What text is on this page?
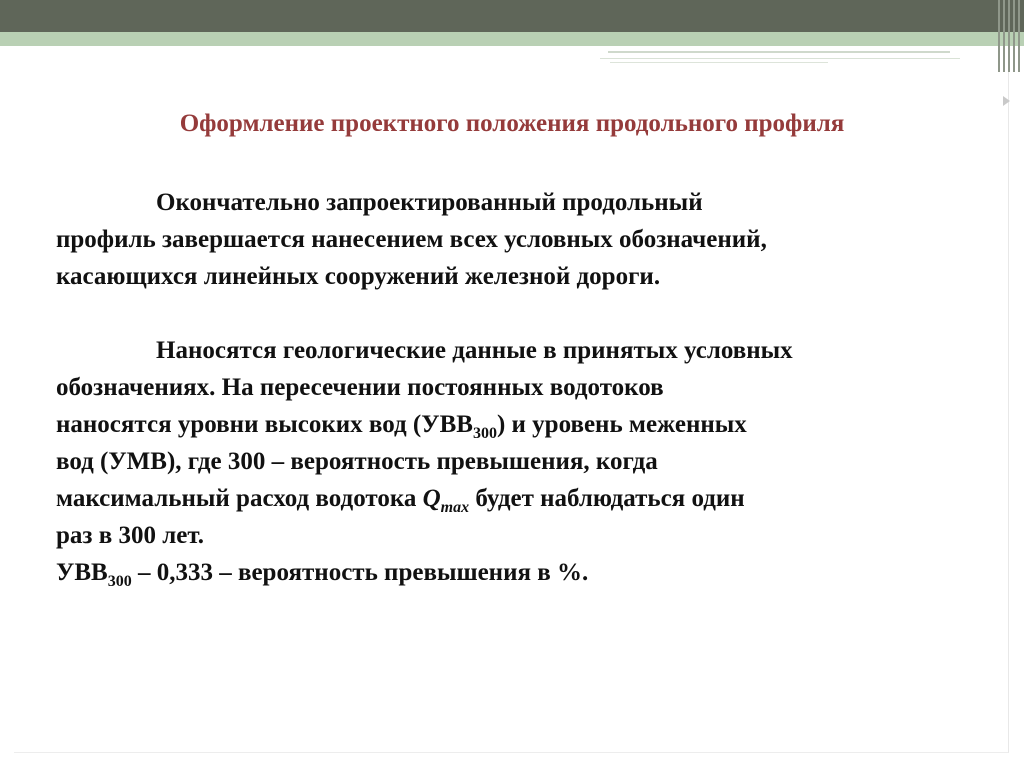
Оформление проектного положения продольного профиля

Окончательно запроектированный продольный
профиль завершается нанесением всех условных обозначений,
касающихся линейных сооружений железной дороги.

Наносятся геологические данные в принятых условных
обозначениях. На пересечении постоянных водотоков
наносятся уровни высоких вод $(УВВ_{300})$ и уровень меженных
вод (УМВ), где 300 – вероятность превышения, когда
максимальный расход водотока $Q_{max}$ будет наблюдаться один
раз в 300 лет.
$УВВ_{300} - 0,333$ – вероятность превышения в %.
